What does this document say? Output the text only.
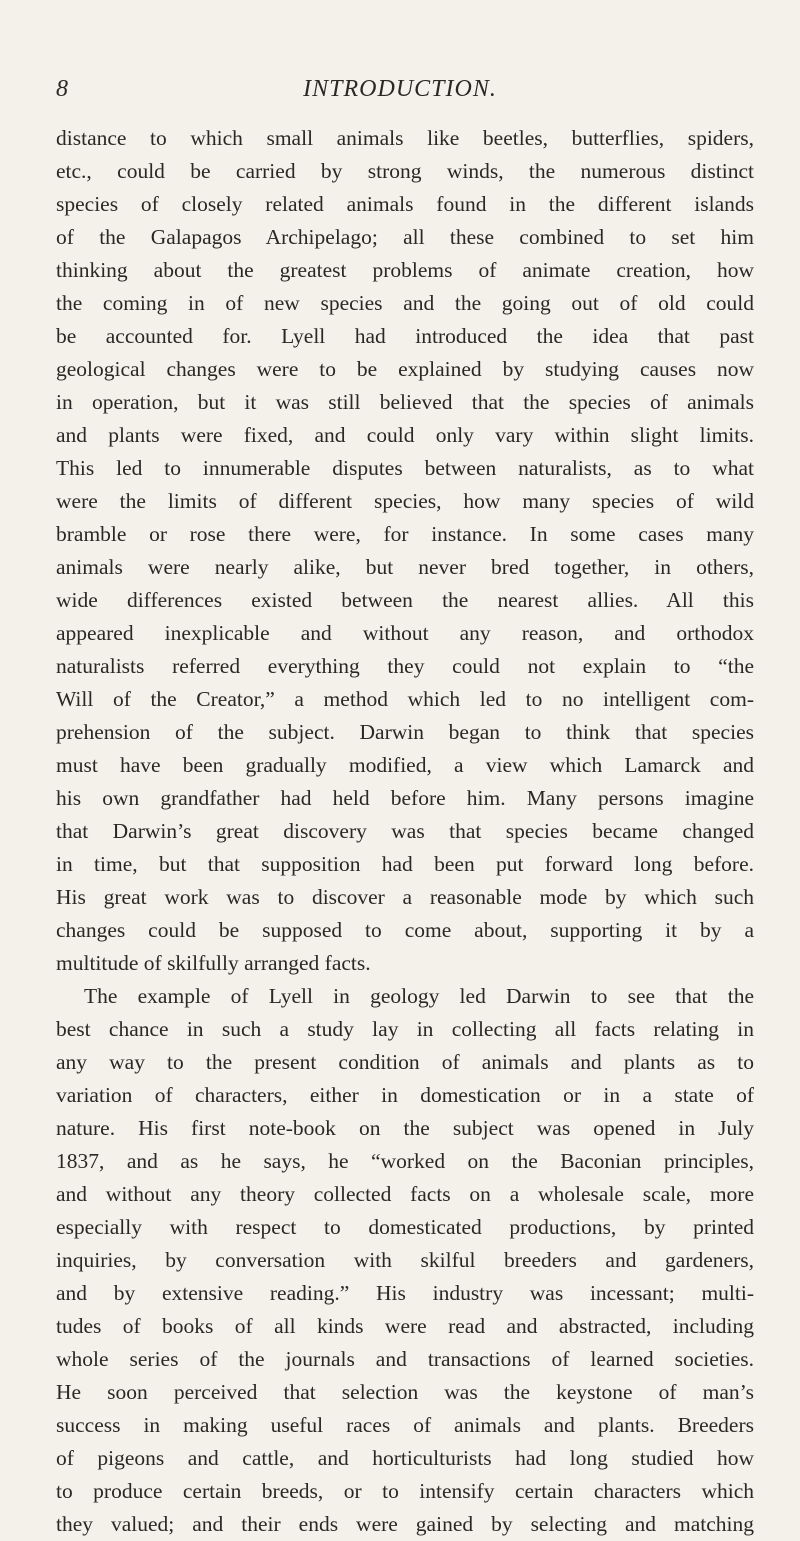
8	INTRODUCTION.
distance to which small animals like beetles, butterflies, spiders,
etc., could be carried by strong winds, the numerous distinct
species of closely related animals found in the different islands
of the Galapagos Archipelago; all these combined to set him
thinking about the greatest problems of animate creation, how
the coming in of new species and the going out of old could
be accounted for. Lyell had introduced the idea that past
geological changes were to be explained by studying causes now
in operation, but it was still believed that the species of animals
and plants were fixed, and could only vary within slight limits.
This led to innumerable disputes between naturalists, as to what
were the limits of different species, how many species of wild
bramble or rose there were, for instance. In some cases many
animals were nearly alike, but never bred together, in others,
wide differences existed between the nearest allies. All this
appeared inexplicable and without any reason, and orthodox
naturalists referred everything they could not explain to “the
Will of the Creator,” a method which led to no intelligent com-
prehension of the subject. Darwin began to think that species
must have been gradually modified, a view which Lamarck and
his own grandfather had held before him. Many persons imagine
that Darwin’s great discovery was that species became changed
in time, but that supposition had been put forward long before.
His great work was to discover a reasonable mode by which such
changes could be supposed to come about, supporting it by a
multitude of skilfully arranged facts.
The example of Lyell in geology led Darwin to see that the
best chance in such a study lay in collecting all facts relating in
any way to the present condition of animals and plants as to
variation of characters, either in domestication or in a state of
nature. His first note-book on the subject was opened in July
1837, and as he says, he “worked on the Baconian principles,
and without any theory collected facts on a wholesale scale, more
especially with respect to domesticated productions, by printed
inquiries, by conversation with skilful breeders and gardeners,
and by extensive reading.” His industry was incessant; multi-
tudes of books of all kinds were read and abstracted, including
whole series of the journals and transactions of learned societies.
He soon perceived that selection was the keystone of man’s
success in making useful races of animals and plants. Breeders
of pigeons and cattle, and horticulturists had long studied how
to produce certain breeds, or to intensify certain characters which
they valued; and their ends were gained by selecting and matching
